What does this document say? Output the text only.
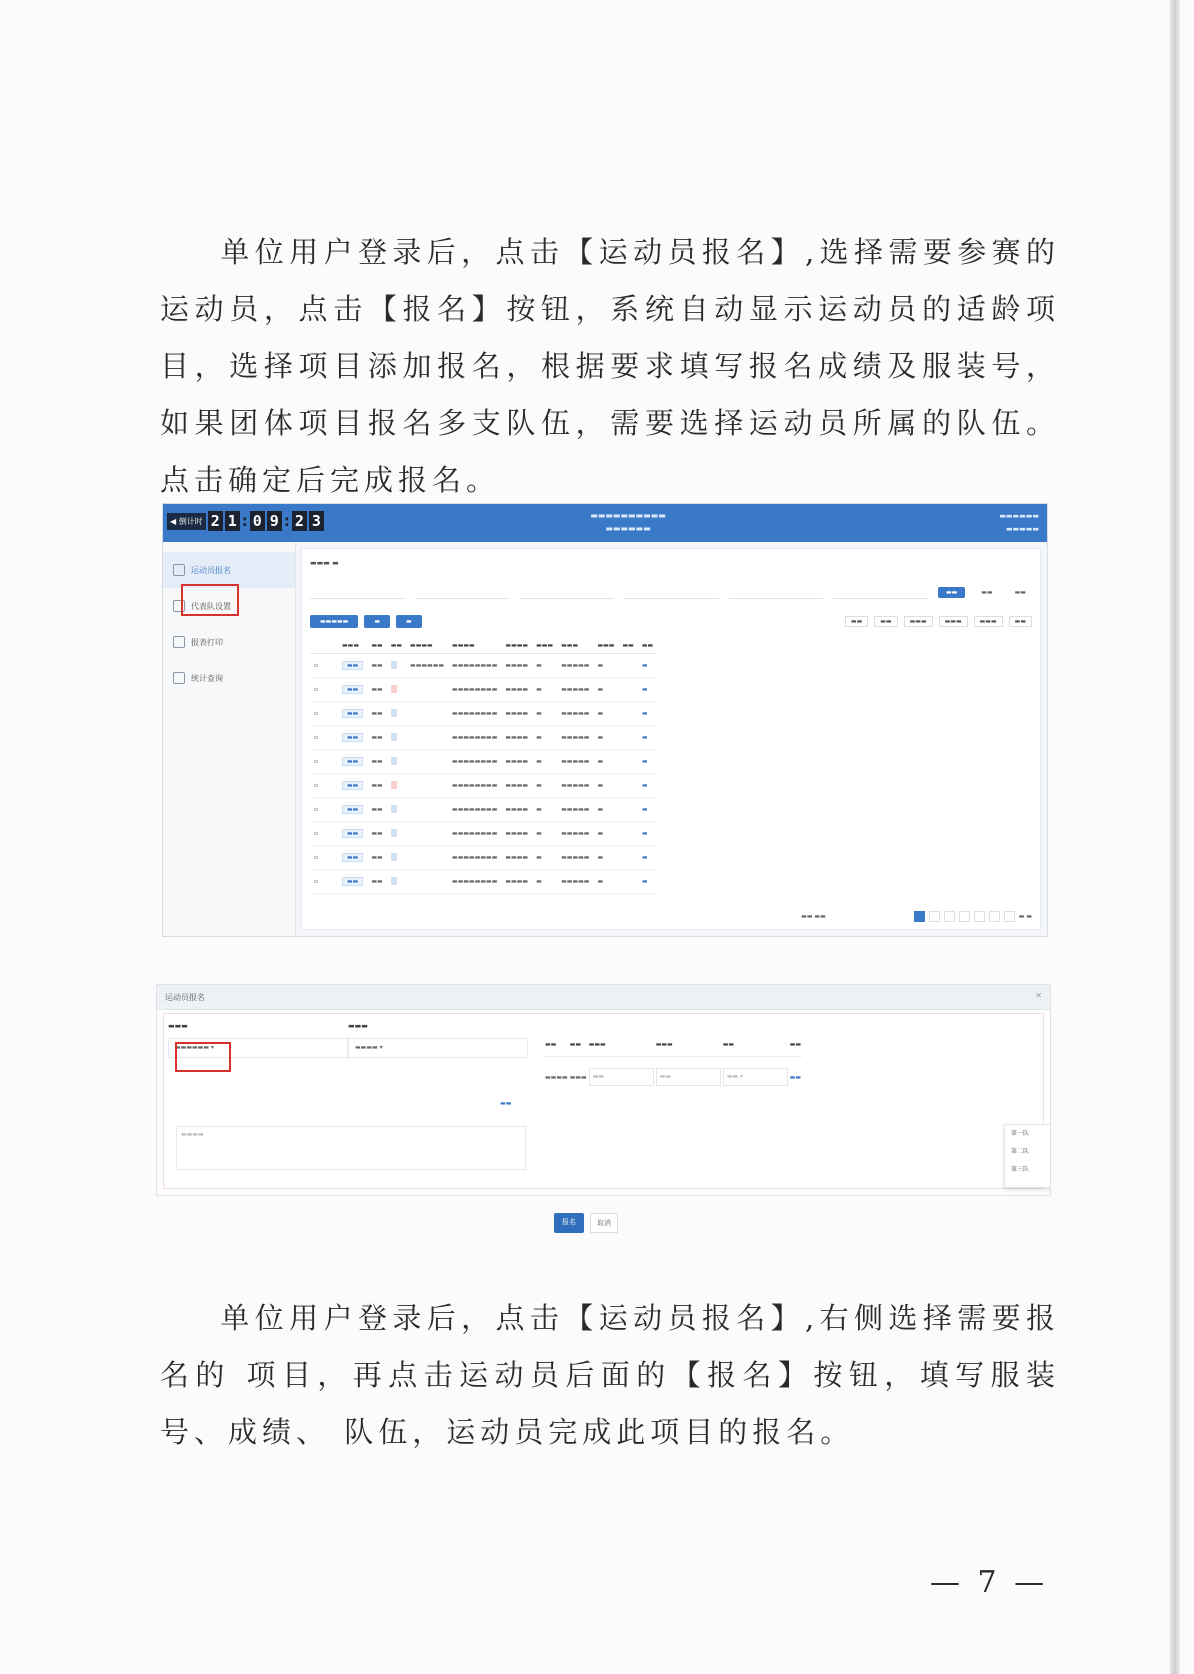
单位用户登录后，点击【运动员报名】,选择需要参赛的运动员，点击【报名】按钮，系统自动显示运动员的适龄项目，选择项目添加报名，根据要求填写报名成绩及服装号，如果团体项目报名多支队伍，需要选择运动员所属的队伍。点击确定后完成报名。

◀ 倒计时 2 1 : 0 9 : 2 3	▬▬▬▬▬▬▬▬▬▬
▬▬▬▬▬▬
▬▬▬▬▬▬
▬▬▬▬▬
运动员报名
代表队设置
报表打印
统计查询
▬▬▬ ▬
▬▬	▬▬	▬▬
▬▬▬▬▬	▬	▬	▬▬	▬▬	▬▬▬	▬▬▬	▬▬▬	▬▬
	▬▬▬	▬▬	▬▬	▬▬▬▬	▬▬▬▬	▬▬▬▬	▬▬▬	▬▬▬	▬▬▬	▬▬	▬▬
▫	▬▬	▬▬		▬▬▬▬▬▬	▬▬▬▬▬▬▬▬	▬▬▬▬	▬	▬▬▬▬▬	▬		▬
▫	▬▬	▬▬			▬▬▬▬▬▬▬▬	▬▬▬▬	▬	▬▬▬▬▬	▬		▬
▫	▬▬	▬▬			▬▬▬▬▬▬▬▬	▬▬▬▬	▬	▬▬▬▬▬	▬		▬
▫	▬▬	▬▬			▬▬▬▬▬▬▬▬	▬▬▬▬	▬	▬▬▬▬▬	▬		▬
▫	▬▬	▬▬			▬▬▬▬▬▬▬▬	▬▬▬▬	▬	▬▬▬▬▬	▬		▬
▫	▬▬	▬▬			▬▬▬▬▬▬▬▬	▬▬▬▬	▬	▬▬▬▬▬	▬		▬
▫	▬▬	▬▬			▬▬▬▬▬▬▬▬	▬▬▬▬	▬	▬▬▬▬▬	▬		▬
▫	▬▬	▬▬			▬▬▬▬▬▬▬▬	▬▬▬▬	▬	▬▬▬▬▬	▬		▬
▫	▬▬	▬▬			▬▬▬▬▬▬▬▬	▬▬▬▬	▬	▬▬▬▬▬	▬		▬
▫	▬▬	▬▬			▬▬▬▬▬▬▬▬	▬▬▬▬	▬	▬▬▬▬▬	▬		▬
▬▬ ▬▬	▬ ▬
运动员报名	✕
▬▬▬
▬▬▬▬▬▬ ▾
▬▬▬
▬▬▬▬ ▾
▬▬
▬▬▬▬
▬▬	▬▬	▬▬▬	▬▬▬	▬▬	▬▬
▬▬▬▬	▬▬▬	▬▬	▬▬	▬▬ ▾	▬▬
第一队
第二队
第三队
报名	取消

单位用户登录后，点击【运动员报名】,右侧选择需要报名的 项目，再点击运动员后面的【报名】按钮，填写服装号、成绩、 队伍，运动员完成此项目的报名。

— 7 —
